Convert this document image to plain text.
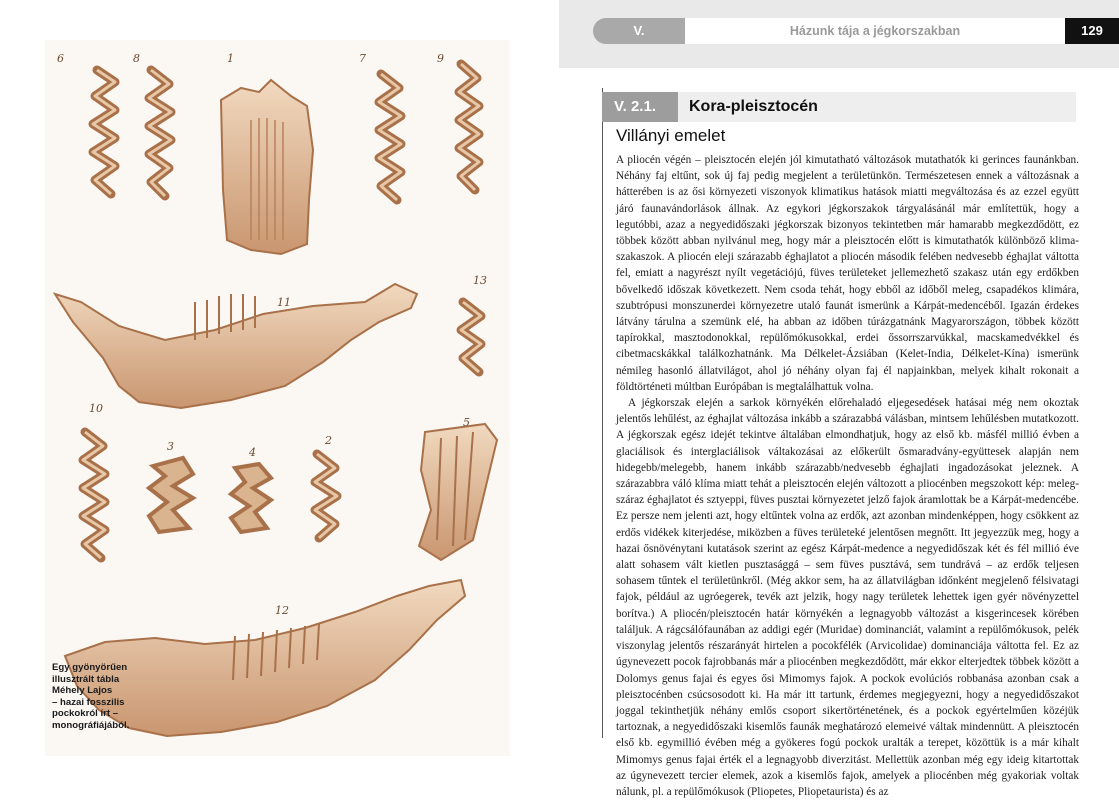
6	8	1	7	9
11
13
10
3	4
2
5
12
Egy gyönyörűen
illusztrált tábla
Méhely Lajos
– hazai fosszilis
pockokról írt –
monográfiájából.
V.	Házunk tája a jégkorszakban	129
V. 2.1.	Kora-pleisztocén
Villányi emelet

A pliocén végén – pleisztocén elején jól kimutatható változások mutathatók ki gerinces faunánkban. Néhány faj eltűnt, sok új faj pedig megjelent a területünkön. Természetesen ennek a változásnak a hátterében is az ősi környezeti viszonyok klimatikus hatások miatti megváltozása és az ezzel együtt járó faunavándorlások állnak. Az egykori jégkorszakok tárgyalásánál már említettük, hogy a legutóbbi, azaz a negyedidőszaki jégkorszak bizonyos tekintetben már hamarabb megkezdődött, ez többek között abban nyilvánul meg, hogy már a pleisztocén előtt is kimutathatók különböző klima-szakaszok. A pliocén eleji szárazabb éghajlatot a pliocén második felében nedvesebb éghajlat váltotta fel, emiatt a nagyrészt nyílt vegetációjú, füves területeket jellemezhető szakasz után egy erdőkben bővelkedő időszak következett. Nem csoda tehát, hogy ebből az időből meleg, csapadékos klimára, szubtrópusi monszunerdei környezetre utaló faunát ismerünk a Kárpát-medencéből. Igazán érdekes látvány tárulna a szemünk elé, ha abban az időben túrázgatnánk Magyarországon, többek között tapírokkal, masztodonokkal, repülőmókusokkal, erdei őssorrszarvúkkal, macskamedvékkel és cibetmacskákkal találkozhatnánk. Ma Délkelet-Ázsiában (Kelet-India, Délkelet-Kína) ismerünk némileg hasonló állatvilágot, ahol jó néhány olyan faj él napjainkban, melyek kihalt rokonait a földtörténeti múltban Európában is megtalálhattuk volna.

A jégkorszak elején a sarkok környékén előrehaladó eljegesedések hatásai még nem okoztak jelentős lehűlést, az éghajlat változása inkább a szárazabbá válásban, mintsem lehűlésben mutatkozott. A jégkorszak egész idejét tekintve általában elmondhatjuk, hogy az első kb. másfél millió évben a glaciálisok és interglaciálisok váltakozásai az előkerült ősmaradvány-együttesek alapján nem hidegebb/melegebb, hanem inkább szárazabb/nedvesebb éghajlati ingadozásokat jeleznek. A szárazabbra váló klíma miatt tehát a pleisztocén elején változott a pliocénben megszokott kép: meleg-száraz éghajlatot és sztyeppi, füves pusztai környezetet jelző fajok áramlottak be a Kárpát-medencébe. Ez persze nem jelenti azt, hogy eltűntek volna az erdők, azt azonban mindenképpen, hogy csökkent az erdős vidékek kiterjedése, miközben a füves területeké jelentősen megnőtt. Itt jegyezzük meg, hogy a hazai ősnövénytani kutatások szerint az egész Kárpát-medence a negyedidőszak két és fél millió éve alatt sohasem vált kietlen pusztasággá – sem füves pusztává, sem tundrává – az erdők teljesen sohasem tűntek el területünkről. (Még akkor sem, ha az állatvilágban időnként megjelenő félsivatagi fajok, például az ugróegerek, tevék azt jelzik, hogy nagy területek lehettek igen gyér növényzettel borítva.) A pliocén/pleisztocén határ környékén a legnagyobb változást a kisgerincesek körében találjuk. A rágcsálófaunában az addigi egér (Muridae) dominanciát, valamint a repülőmókusok, pelék viszonylag jelentős részarányát hirtelen a pocokfélék (Arvicolidae) dominanciája váltotta fel. Ez az úgynevezett pocok fajrobbanás már a pliocénben megkezdődött, már ekkor elterjedtek többek között a Dolomys genus fajai és egyes ősi Mimomys fajok. A pockok evolúciós robbanása azonban csak a pleisztocénben csúcsosodott ki. Ha már itt tartunk, érdemes megjegyezni, hogy a negyedidőszakot joggal tekinthetjük néhány emlős csoport sikertörténetének, és a pockok egyértelműen közéjük tartoznak, a negyedidőszaki kisemlős faunák meghatározó elemeivé váltak mindennütt. A pleisztocén első kb. egymillió évében még a gyökeres fogú pockok uralták a terepet, közöttük is a már kihalt Mimomys genus fajai érték el a legnagyobb diverzitást. Mellettük azonban még egy ideig kitartottak az úgynevezett tercier elemek, azok a kisemlős fajok, amelyek a pliocénben még gyakoriak voltak nálunk, pl. a repülőmókusok (Pliopetes, Pliopetaurista) és az
